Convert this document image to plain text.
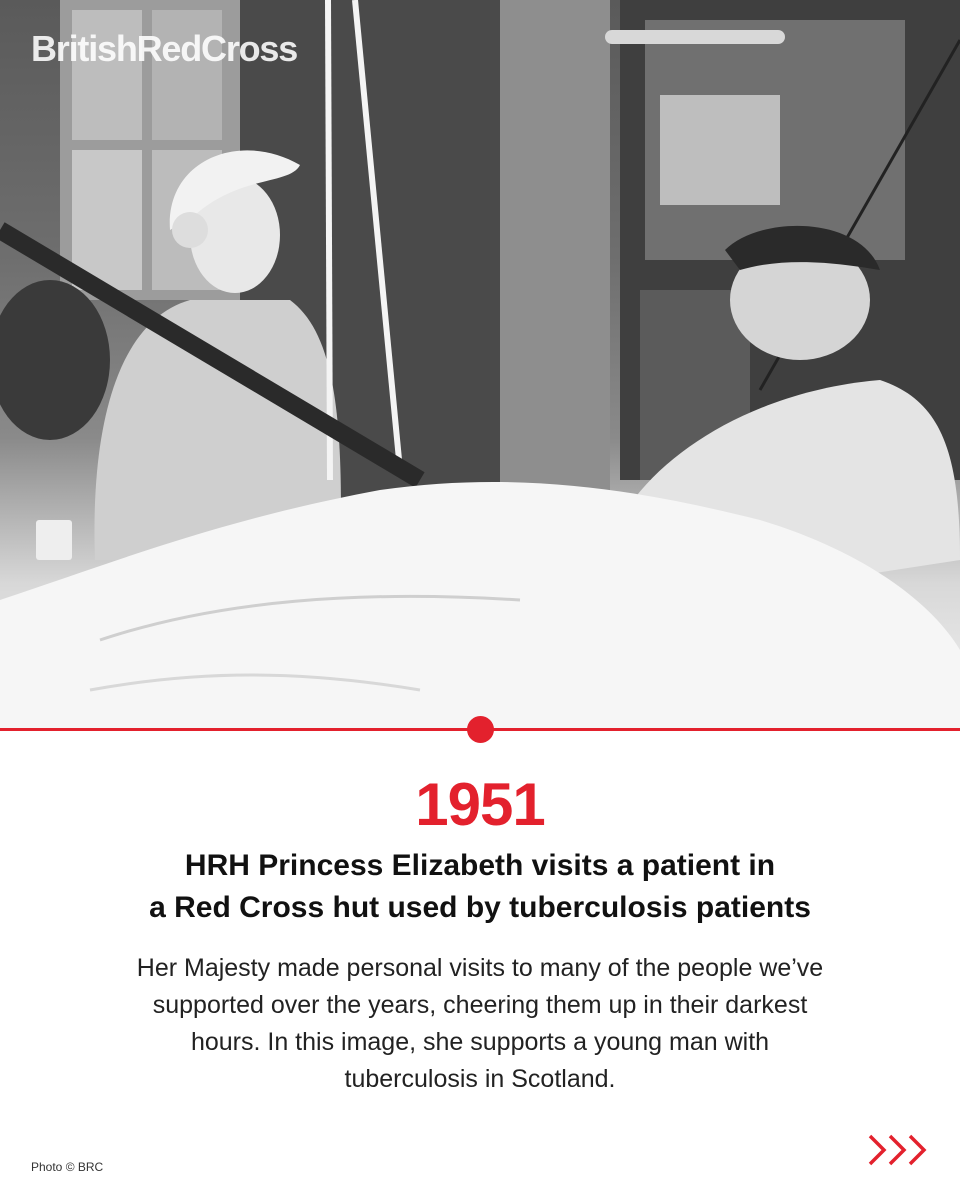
BritishRedCross
1951
HRH Princess Elizabeth visits a patient in
a Red Cross hut used by tuberculosis patients
Her Majesty made personal visits to many of the people we’ve
supported over the years, cheering them up in their darkest
hours. In this image, she supports a young man with
tuberculosis in Scotland.
Photo © BRC
